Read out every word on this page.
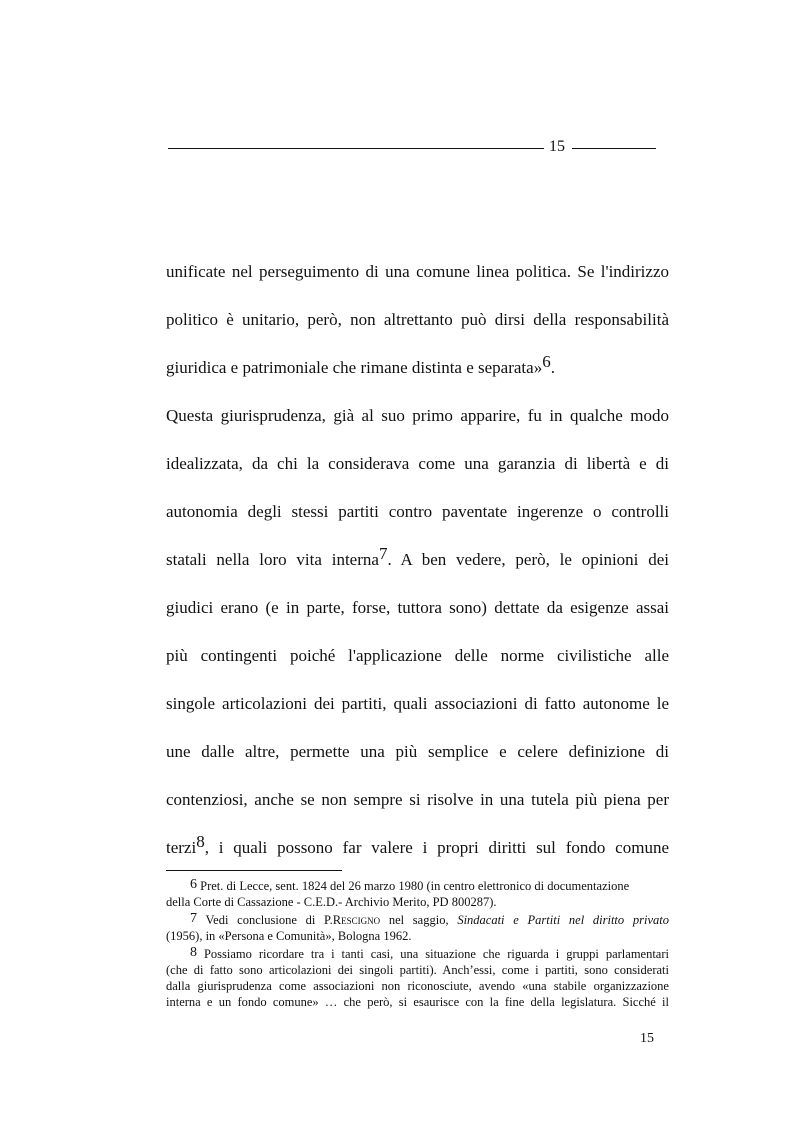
15
unificate nel perseguimento di una comune linea politica. Se l'indirizzo
politico è unitario, però, non altrettanto può dirsi della responsabilità
giuridica e patrimoniale che rimane distinta e separata»6.
Questa giurisprudenza, già al suo primo apparire, fu in qualche modo
idealizzata, da chi la considerava come una garanzia di libertà e di
autonomia degli stessi partiti contro paventate ingerenze o controlli
statali nella loro vita interna7. A ben vedere, però, le opinioni dei
giudici erano (e in parte, forse, tuttora sono) dettate da esigenze assai
più contingenti poiché l'applicazione delle norme civilistiche alle
singole articolazioni dei partiti, quali associazioni di fatto autonome le
une dalle altre, permette una più semplice e celere definizione di
contenziosi, anche se non sempre si risolve in una tutela più piena per
terzi8, i quali possono far valere i propri diritti sul fondo comune
6 Pret. di Lecce, sent. 1824 del 26 marzo 1980 (in centro elettronico di documentazione
della Corte di Cassazione - C.E.D.- Archivio Merito, PD 800287).
7 Vedi conclusione di P.Rescigno nel saggio, Sindacati e Partiti nel diritto privato
(1956), in «Persona e Comunità», Bologna 1962.
8 Possiamo ricordare tra i tanti casi, una situazione che riguarda i gruppi parlamentari
(che di fatto sono articolazioni dei singoli partiti). Anch’essi, come i partiti, sono considerati
dalla giurisprudenza come associazioni non riconosciute, avendo «una stabile organizzazione
interna e un fondo comune» … che però, si esaurisce con la fine della legislatura. Sicché il
15
